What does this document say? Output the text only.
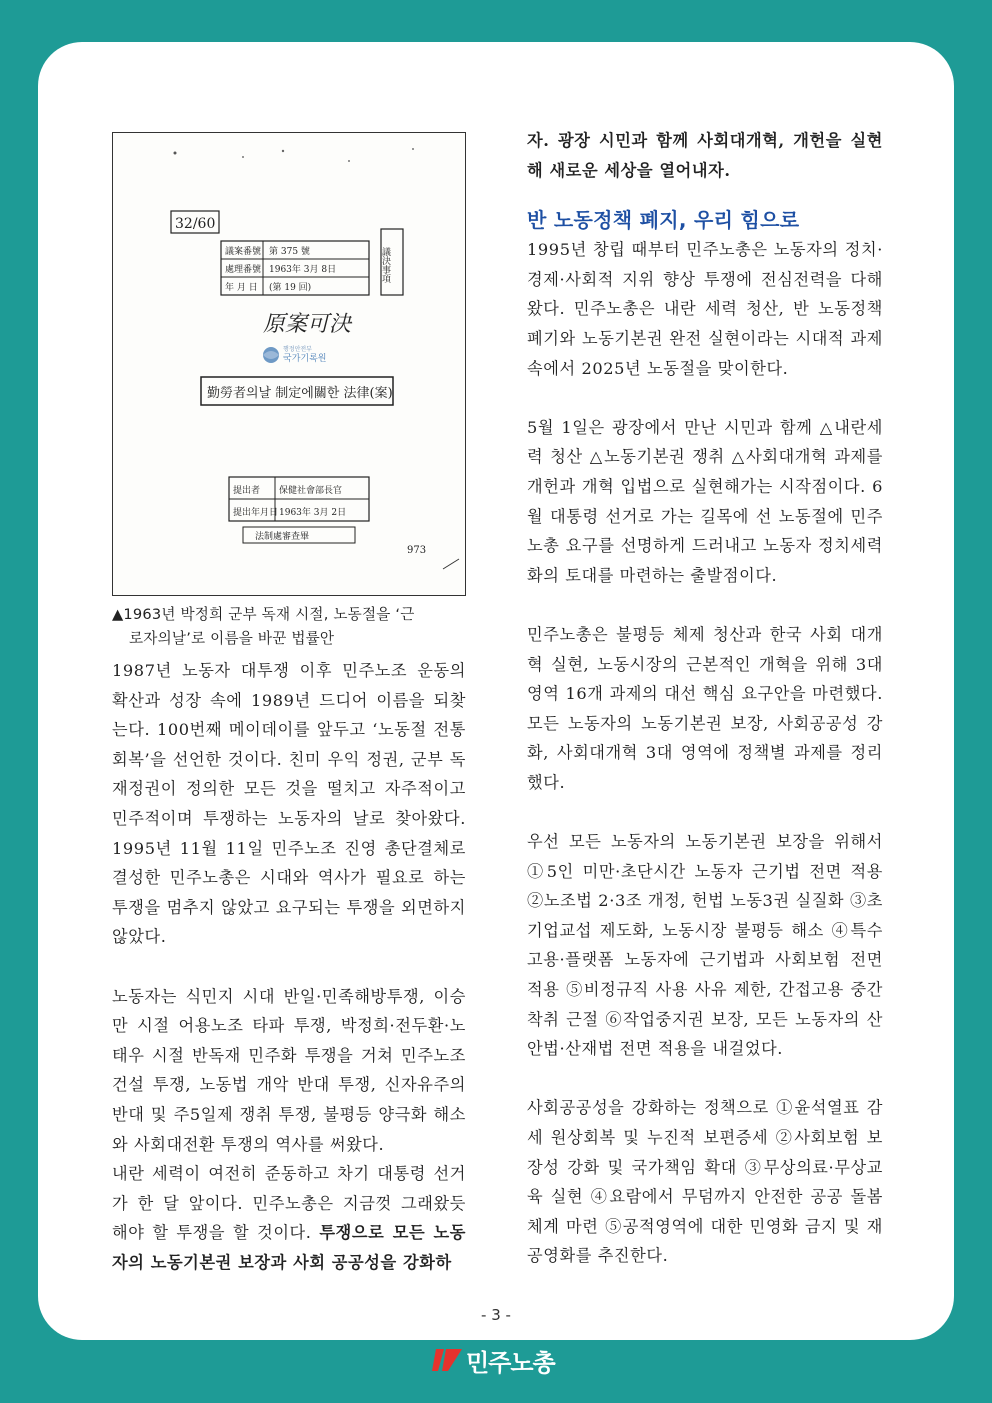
32/60
議案番號 第 375 號
處理番號 1963年 3月 8日
年 月 日 (第 19 回)
議決事項
原案可決
행정안전부
국가기록원
勤勞者의날 制定에關한 法律(案)
提出者 保健社會部長官
提出年月日 1963年 3月 2日
法制處審查畢
973
▲1963년 박정희 군부 독재 시절, 노동절을 ‘근
로자의날’로 이름을 바꾼 법률안

1987년 노동자 대투쟁 이후 민주노조 운동의 확산과 성장 속에 1989년 드디어 이름을 되찾는다. 100번째 메이데이를 앞두고 ‘노동절 전통 회복’을 선언한 것이다. 친미 우익 정권, 군부 독재정권이 정의한 모든 것을 떨치고 자주적이고 민주적이며 투쟁하는 노동자의 날로 찾아왔다. 1995년 11월 11일 민주노조 진영 총단결체로 결성한 민주노총은 시대와 역사가 필요로 하는 투쟁을 멈추지 않았고 요구되는 투쟁을 외면하지 않았다.

노동자는 식민지 시대 반일·민족해방투쟁, 이승만 시절 어용노조 타파 투쟁, 박정희·전두환·노태우 시절 반독재 민주화 투쟁을 거쳐 민주노조 건설 투쟁, 노동법 개악 반대 투쟁, 신자유주의 반대 및 주5일제 쟁취 투쟁, 불평등 양극화 해소와 사회대전환 투쟁의 역사를 써왔다.

내란 세력이 여전히 준동하고 차기 대통령 선거가 한 달 앞이다. 민주노총은 지금껏 그래왔듯 해야 할 투쟁을 할 것이다. 투쟁으로 모든 노동자의 노동기본권 보장과 사회 공공성을 강화하

자. 광장 시민과 함께 사회대개혁, 개헌을 실현해 새로운 세상을 열어내자.

반 노동정책 폐지, 우리 힘으로

1995년 창립 때부터 민주노총은 노동자의 정치·경제·사회적 지위 향상 투쟁에 전심전력을 다해 왔다. 민주노총은 내란 세력 청산, 반 노동정책 폐기와 노동기본권 완전 실현이라는 시대적 과제 속에서 2025년 노동절을 맞이한다.

5월 1일은 광장에서 만난 시민과 함께 △내란세력 청산 △노동기본권 쟁취 △사회대개혁 과제를 개헌과 개혁 입법으로 실현해가는 시작점이다. 6월 대통령 선거로 가는 길목에 선 노동절에 민주노총 요구를 선명하게 드러내고 노동자 정치세력화의 토대를 마련하는 출발점이다.

민주노총은 불평등 체제 청산과 한국 사회 대개혁 실현, 노동시장의 근본적인 개혁을 위해 3대 영역 16개 과제의 대선 핵심 요구안을 마련했다. 모든 노동자의 노동기본권 보장, 사회공공성 강화, 사회대개혁 3대 영역에 정책별 과제를 정리했다.

우선 모든 노동자의 노동기본권 보장을 위해서 ①5인 미만·초단시간 노동자 근기법 전면 적용 ②노조법 2·3조 개정, 헌법 노동3권 실질화 ③초기업교섭 제도화, 노동시장 불평등 해소 ④특수고용·플랫폼 노동자에 근기법과 사회보험 전면 적용 ⑤비정규직 사용 사유 제한, 간접고용 중간착취 근절 ⑥작업중지권 보장, 모든 노동자의 산안법·산재법 전면 적용을 내걸었다.

사회공공성을 강화하는 정책으로 ①윤석열표 감세 원상회복 및 누진적 보편증세 ②사회보험 보장성 강화 및 국가책임 확대 ③무상의료·무상교육 실현 ④요람에서 무덤까지 안전한 공공 돌봄체계 마련 ⑤공적영역에 대한 민영화 금지 및 재공영화를 추진한다.

- 3 -
민주노총
